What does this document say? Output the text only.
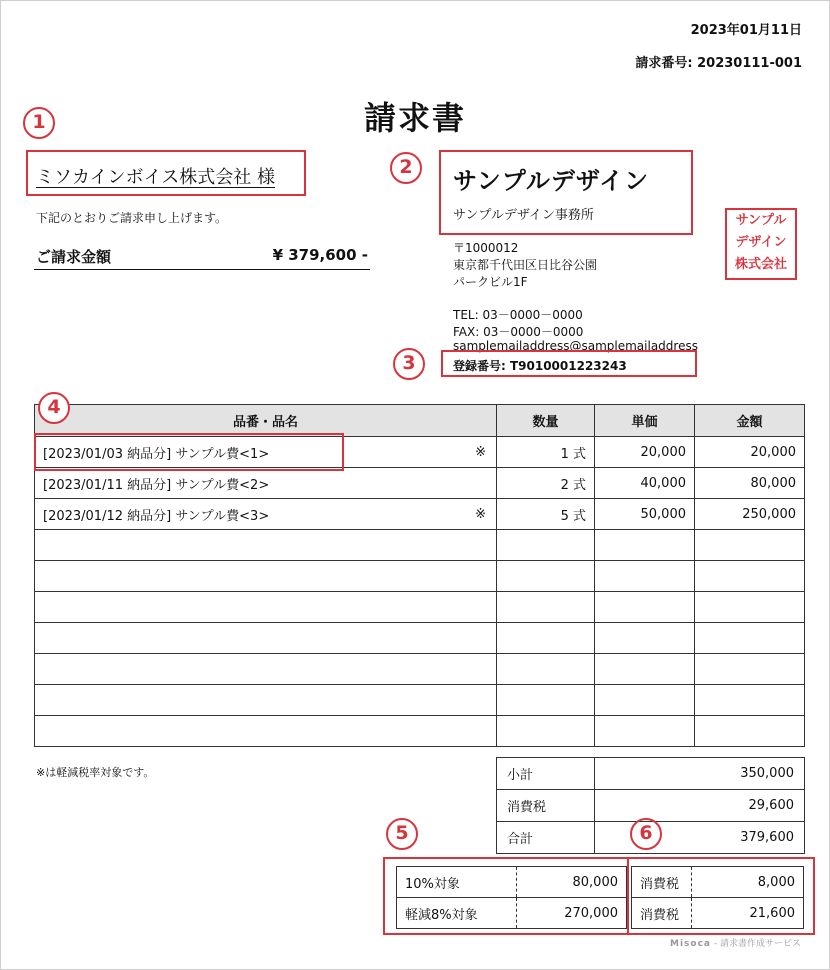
2023年01月11日
請求番号: 20230111-001
請求書
ミソカインボイス株式会社 様
下記のとおりご請求申し上げます。
ご請求金額	¥ 379,600 -
サンプルデザイン
サンプルデザイン事務所
〒1000012
東京都千代田区日比谷公園
パークビル1F
TEL: 03－0000－0000
FAX: 03－0000－0000
samplemailaddress@samplemailaddress
登録番号: T9010001223243
サンプル
デザイン
株式会社
品番・品名	数量	単価	金額
[2023/01/03 納品分] サンプル費<1> ※	1 式	20,000	20,000
[2023/01/11 納品分] サンプル費<2>	2 式	40,000	80,000
[2023/01/12 納品分] サンプル費<3> ※	5 式	50,000	250,000

※は軽減税率対象です。	小計	350,000
消費税	29,600
合計	379,600
10%対象	80,000
軽減8%対象	270,000
消費税	8,000
消費税	21,600
Misoca - 請求書作成サービス
1
2
3
4
5	6
